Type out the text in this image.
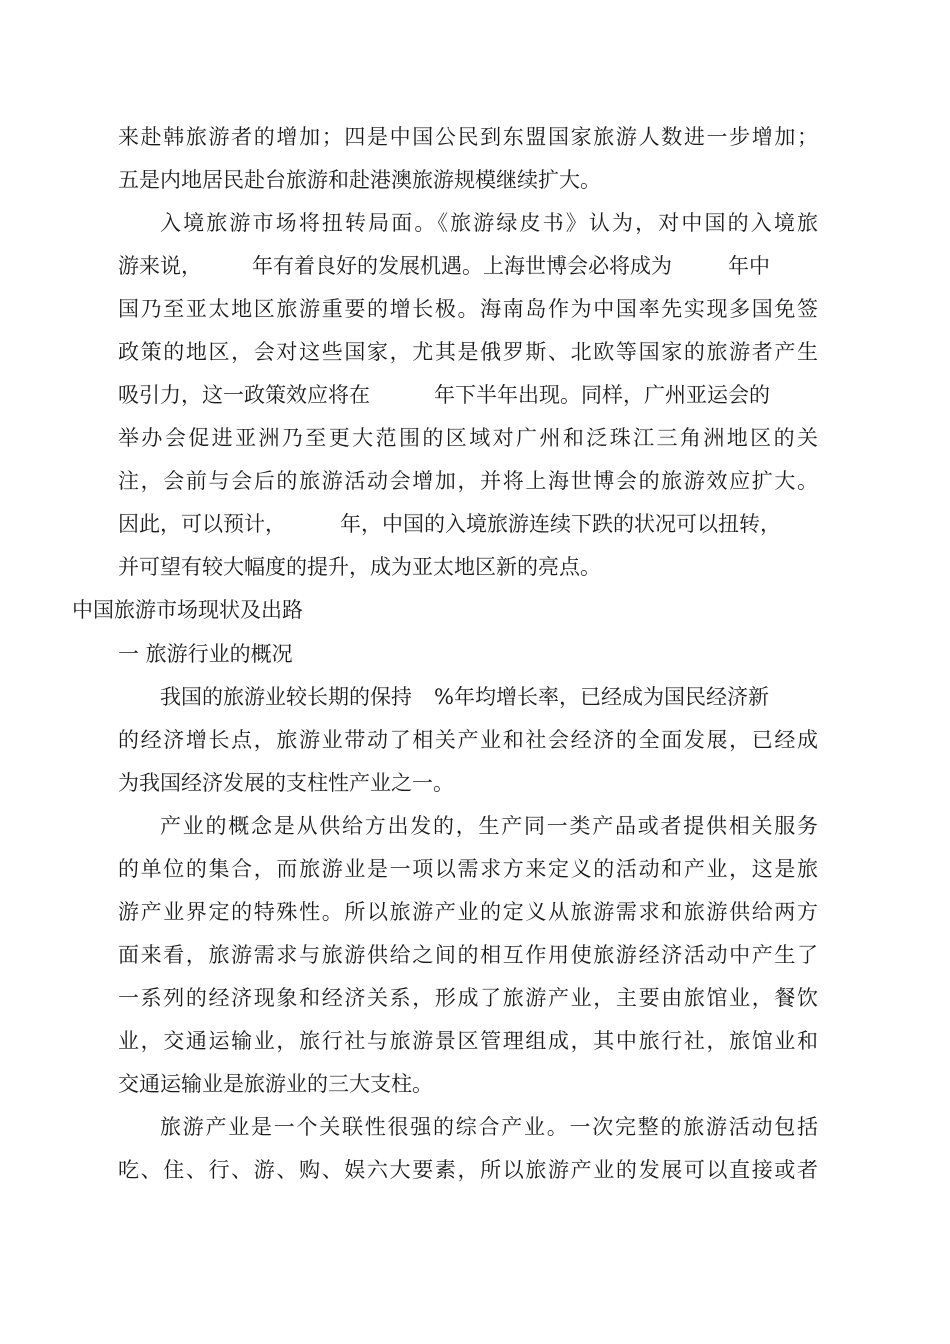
来赴韩旅游者的增加；四是中国公民到东盟国家旅游人数进一步增加；
五是内地居民赴台旅游和赴港澳旅游规模继续扩大。
入境旅游市场将扭转局面。《旅游绿皮书》认为，对中国的入境旅
游来说， 年有着良好的发展机遇。上海世博会必将成为	年中
国乃至亚太地区旅游重要的增长极。海南岛作为中国率先实现多国免签
政策的地区，会对这些国家，尤其是俄罗斯、北欧等国家的旅游者产生
吸引力，这一政策效应将在	年下半年出现。同样，广州亚运会的
举办会促进亚洲乃至更大范围的区域对广州和泛珠江三角洲地区的关
注，会前与会后的旅游活动会增加，并将上海世博会的旅游效应扩大。
因此，可以预计，	年，中国的入境旅游连续下跌的状况可以扭转，
并可望有较大幅度的提升，成为亚太地区新的亮点。
中国旅游市场现状及出路
一 旅游行业的概况
我国的旅游业较长期的保持 %年均增长率，已经成为国民经济新
的经济增长点，旅游业带动了相关产业和社会经济的全面发展，已经成
为我国经济发展的支柱性产业之一。
产业的概念是从供给方出发的，生产同一类产品或者提供相关服务
的单位的集合，而旅游业是一项以需求方来定义的活动和产业，这是旅
游产业界定的特殊性。所以旅游产业的定义从旅游需求和旅游供给两方
面来看，旅游需求与旅游供给之间的相互作用使旅游经济活动中产生了
一系列的经济现象和经济关系，形成了旅游产业，主要由旅馆业，餐饮
业，交通运输业，旅行社与旅游景区管理组成，其中旅行社，旅馆业和
交通运输业是旅游业的三大支柱。
旅游产业是一个关联性很强的综合产业。一次完整的旅游活动包括
吃、住、行、游、购、娱六大要素，所以旅游产业的发展可以直接或者
